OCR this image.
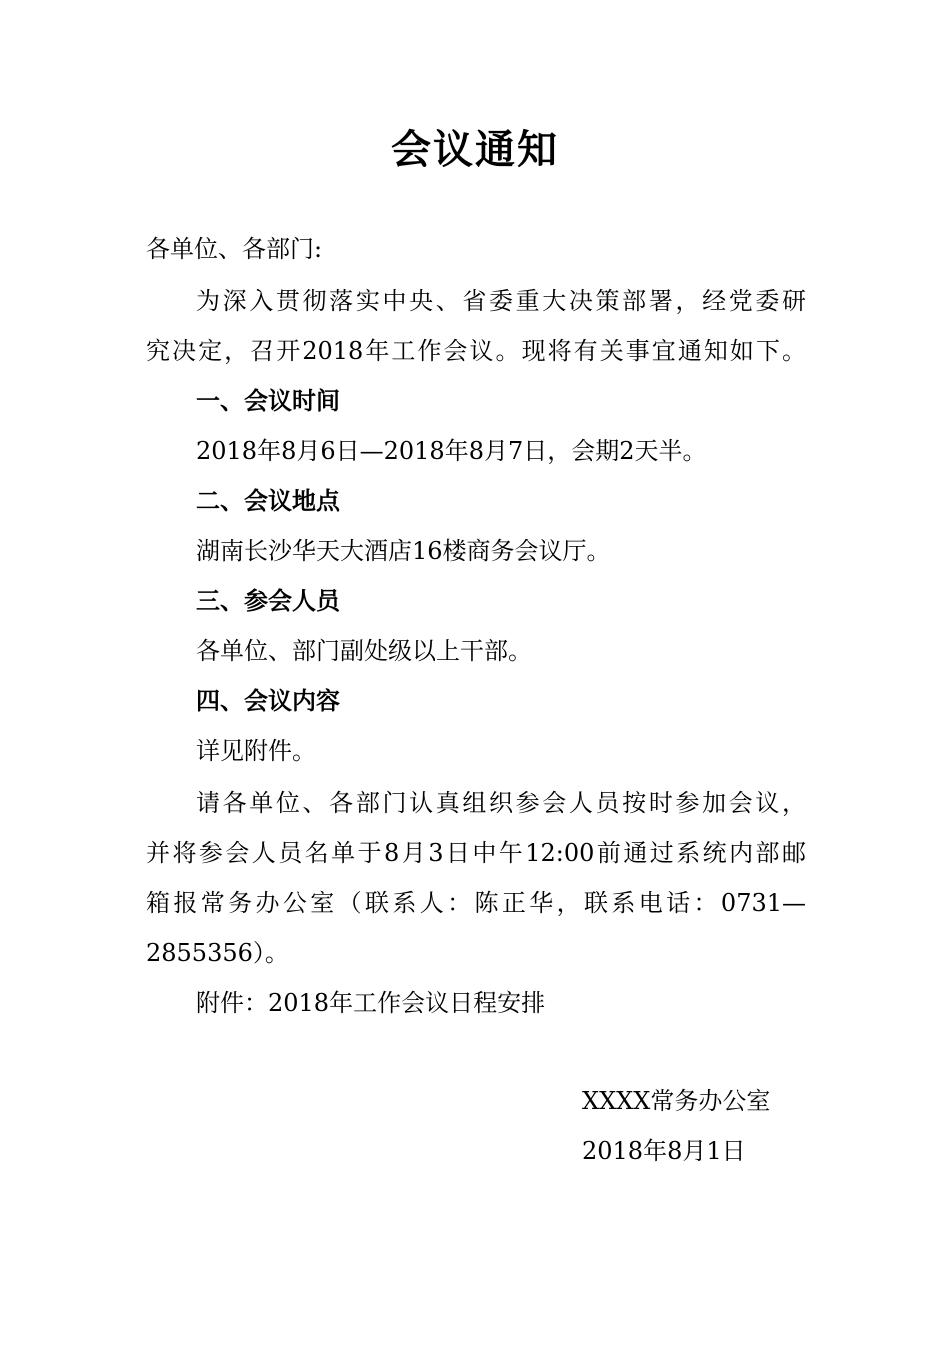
会议通知
各单位、各部门:
为深入贯彻落实中央、省委重大决策部署，经党委研
究决定，召开2018年工作会议。现将有关事宜通知如下。
一、会议时间
2018年8月6日—2018年8月7日，会期2天半。
二、会议地点
湖南长沙华天大酒店16楼商务会议厅。
三、参会人员
各单位、部门副处级以上干部。
四、会议内容
详见附件。
请各单位、各部门认真组织参会人员按时参加会议，
并将参会人员名单于8月3日中午12:00前通过系统内部邮
箱报常务办公室（联系人：陈正华，联系电话：0731—
2855356）。
附件：2018年工作会议日程安排
XXXX常务办公室
2018年8月1日
